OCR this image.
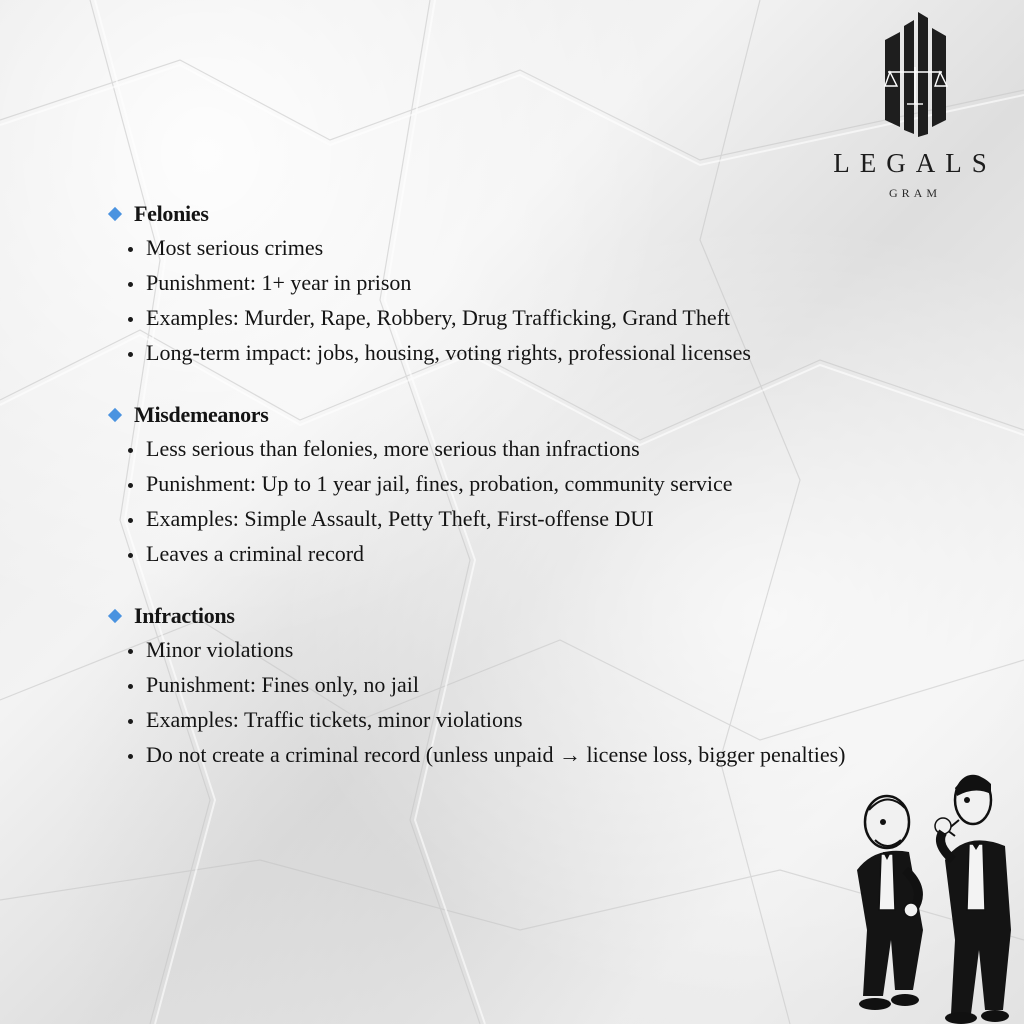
LEGALS
GRAM
Felonies
Most serious crimes
Punishment: 1+ year in prison
Examples: Murder, Rape, Robbery, Drug Trafficking, Grand Theft
Long-term impact: jobs, housing, voting rights, professional licenses
Misdemeanors
Less serious than felonies, more serious than infractions
Punishment: Up to 1 year jail, fines, probation, community service
Examples: Simple Assault, Petty Theft, First-offense DUI
Leaves a criminal record
Infractions
Minor violations
Punishment: Fines only, no jail
Examples: Traffic tickets, minor violations
Do not create a criminal record (unless unpaid → license loss, bigger penalties)
